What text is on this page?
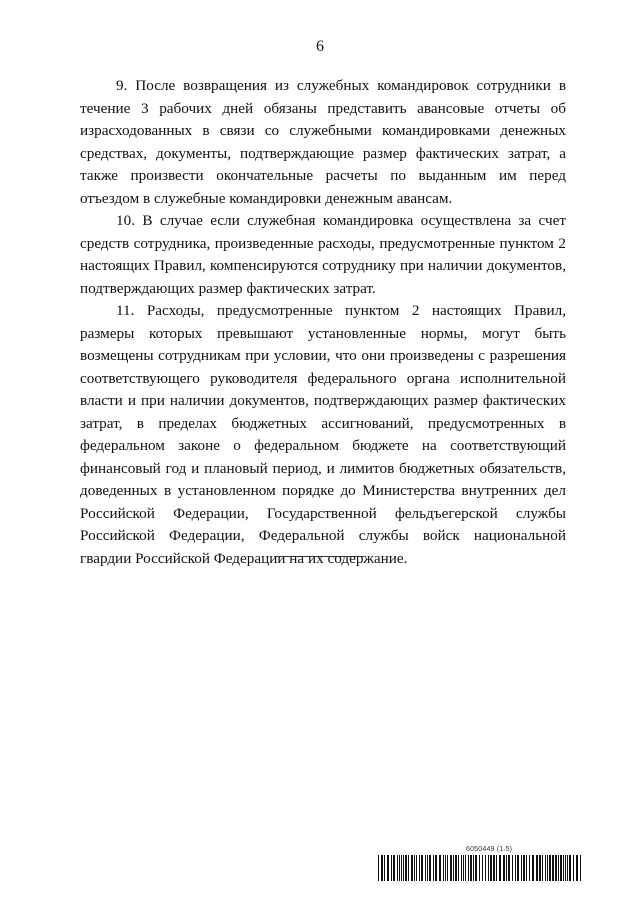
6

9. После возвращения из служебных командировок сотрудники в течение 3 рабочих дней обязаны представить авансовые отчеты об израсходованных в связи со служебными командировками денежных средствах, документы, подтверждающие размер фактических затрат, а также произвести окончательные расчеты по выданным им перед отъездом в служебные командировки денежным авансам.

10. В случае если служебная командировка осуществлена за счет средств сотрудника, произведенные расходы, предусмотренные пунктом 2 настоящих Правил, компенсируются сотруднику при наличии документов, подтверждающих размер фактических затрат.

11. Расходы, предусмотренные пунктом 2 настоящих Правил, размеры которых превышают установленные нормы, могут быть возмещены сотрудникам при условии, что они произведены с разрешения соответствующего руководителя федерального органа исполнительной власти и при наличии документов, подтверждающих размер фактических затрат, в пределах бюджетных ассигнований, предусмотренных в федеральном законе о федеральном бюджете на соответствующий финансовый год и плановый период, и лимитов бюджетных обязательств, доведенных в установленном порядке до Министерства внутренних дел Российской Федерации, Государственной фельдъегерской службы Российской Федерации, Федеральной службы войск национальной гвардии Российской Федерации на их содержание.

6050449 (1.5)
